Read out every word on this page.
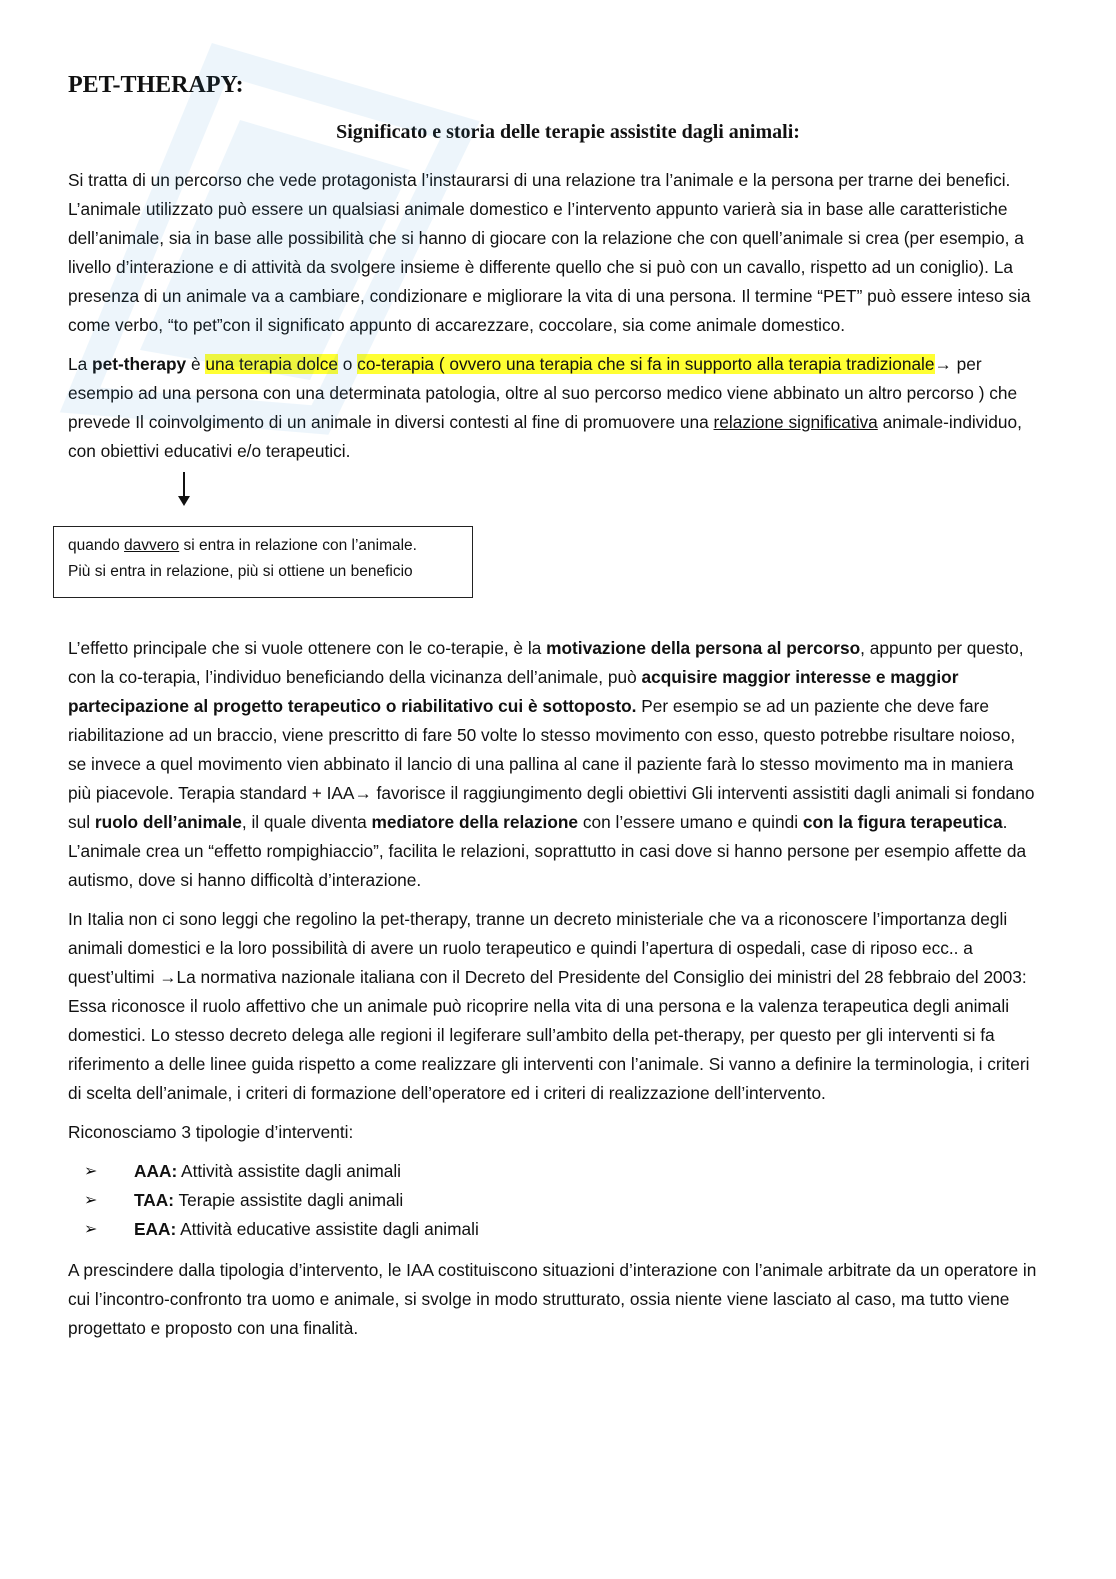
PET-THERAPY:
Significato e storia delle terapie assistite dagli animali:

Si tratta di un percorso che vede protagonista l’instaurarsi di una relazione tra l’animale e la persona per trarne dei benefici. L’animale utilizzato può essere un qualsiasi animale domestico e l’intervento appunto varierà sia in base alle caratteristiche dell’animale, sia in base alle possibilità che si hanno di giocare con la relazione che con quell’animale si crea (per esempio, a livello d’interazione e di attività da svolgere insieme è differente quello che si può con un cavallo, rispetto ad un coniglio). La presenza di un animale va a cambiare, condizionare e migliorare la vita di una persona. Il termine “PET” può essere inteso sia come verbo, “to pet”con il significato appunto di accarezzare, coccolare, sia come animale domestico.

La pet-therapy è una terapia dolce o co-terapia ( ovvero una terapia che si fa in supporto alla terapia tradizionale→ per esempio ad una persona con una determinata patologia, oltre al suo percorso medico viene abbinato un altro percorso ) che prevede Il coinvolgimento di un animale in diversi contesti al fine di promuovere una relazione significativa animale-individuo, con obiettivi educativi e/o terapeutici.

quando davvero si entra in relazione con l’animale.
Più si entra in relazione, più si ottiene un beneficio

L’effetto principale che si vuole ottenere con le co-terapie, è la motivazione della persona al percorso, appunto per questo, con la co-terapia, l’individuo beneficiando della vicinanza dell’animale, può acquisire maggior interesse e maggior partecipazione al progetto terapeutico o riabilitativo cui è sottoposto. Per esempio se ad un paziente che deve fare riabilitazione ad un braccio, viene prescritto di fare 50 volte lo stesso movimento con esso, questo potrebbe risultare noioso, se invece a quel movimento vien abbinato il lancio di una pallina al cane il paziente farà lo stesso movimento ma in maniera più piacevole. Terapia standard + IAA→ favorisce il raggiungimento degli obiettivi Gli interventi assistiti dagli animali si fondano sul ruolo dell’animale, il quale diventa mediatore della relazione con l’essere umano e quindi con la figura terapeutica. L’animale crea un “effetto rompighiaccio”, facilita le relazioni, soprattutto in casi dove si hanno persone per esempio affette da autismo, dove si hanno difficoltà d’interazione.

In Italia non ci sono leggi che regolino la pet-therapy, tranne un decreto ministeriale che va a riconoscere l’importanza degli animali domestici e la loro possibilità di avere un ruolo terapeutico e quindi l’apertura di ospedali, case di riposo ecc.. a quest’ultimi →La normativa nazionale italiana con il Decreto del Presidente del Consiglio dei ministri del 28 febbraio del 2003: Essa riconosce il ruolo affettivo che un animale può ricoprire nella vita di una persona e la valenza terapeutica degli animali domestici. Lo stesso decreto delega alle regioni il legiferare sull’ambito della pet-therapy, per questo per gli interventi si fa riferimento a delle linee guida rispetto a come realizzare gli interventi con l’animale. Si vanno a definire la terminologia, i criteri di scelta dell’animale, i criteri di formazione dell’operatore ed i criteri di realizzazione dell’intervento.

Riconosciamo 3 tipologie d’interventi:

➢	AAA: Attività assistite dagli animali
➢	TAA: Terapie assistite dagli animali
➢	EAA: Attività educative assistite dagli animali

A prescindere dalla tipologia d’intervento, le IAA costituiscono situazioni d’interazione con l’animale arbitrate da un operatore in cui l’incontro-confronto tra uomo e animale, si svolge in modo strutturato, ossia niente viene lasciato al caso, ma tutto viene progettato e proposto con una finalità.
